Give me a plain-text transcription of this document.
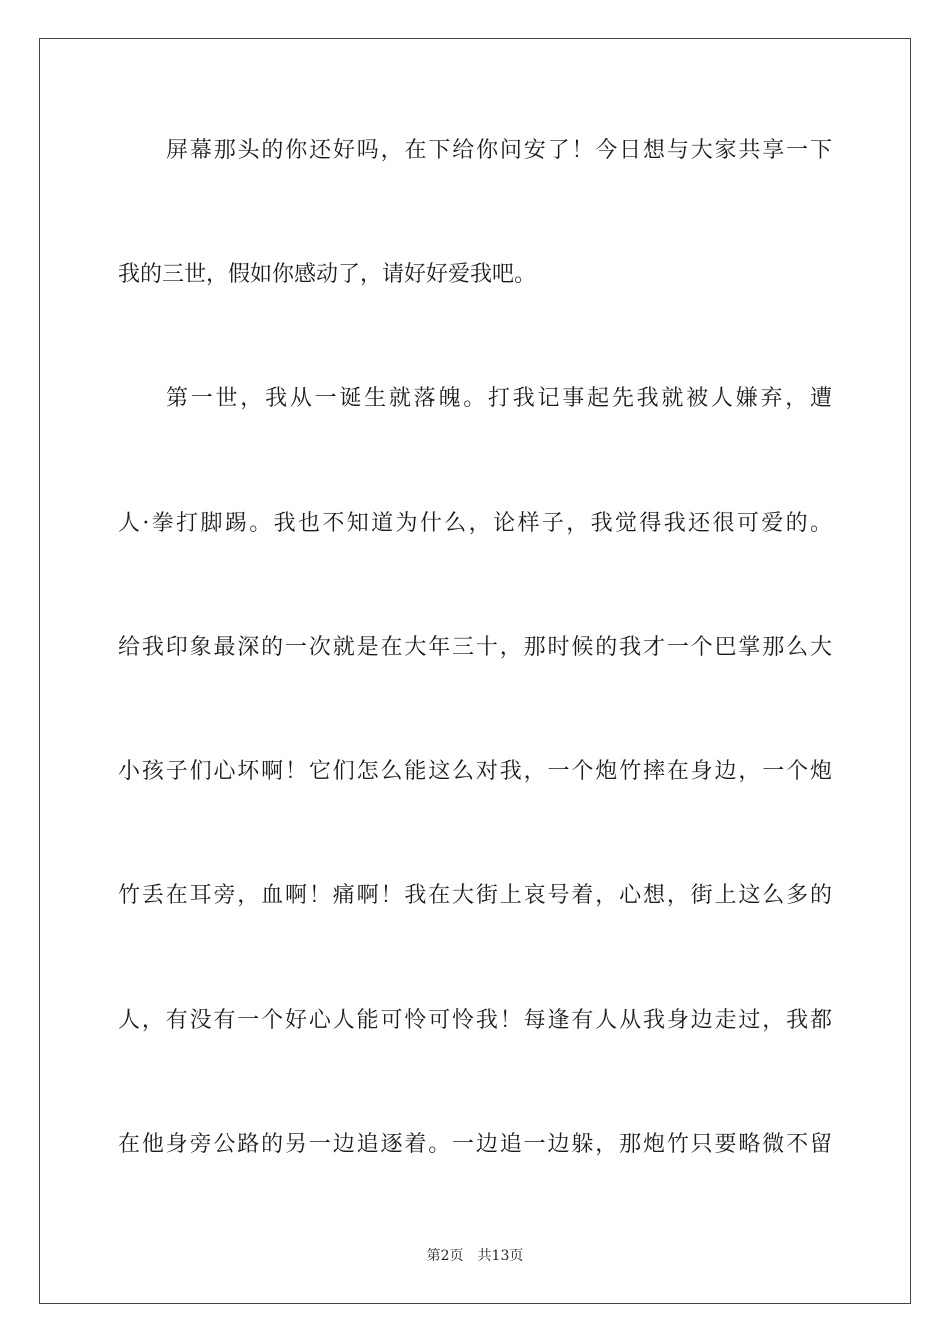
屏幕那头的你还好吗，在下给你问安了！今日想与大家共享一下
我的三世，假如你感动了，请好好爱我吧。
第一世，我从一诞生就落魄。打我记事起先我就被人嫌弃，遭
人·拳打脚踢。我也不知道为什么，论样子，我觉得我还很可爱的。
给我印象最深的一次就是在大年三十，那时候的我才一个巴掌那么大
小孩子们心坏啊！它们怎么能这么对我，一个炮竹摔在身边，一个炮
竹丢在耳旁，血啊！痛啊！我在大街上哀号着，心想，街上这么多的
人，有没有一个好心人能可怜可怜我！每逢有人从我身边走过，我都
在他身旁公路的另一边追逐着。一边追一边躲，那炮竹只要略微不留
第2页　共13页
